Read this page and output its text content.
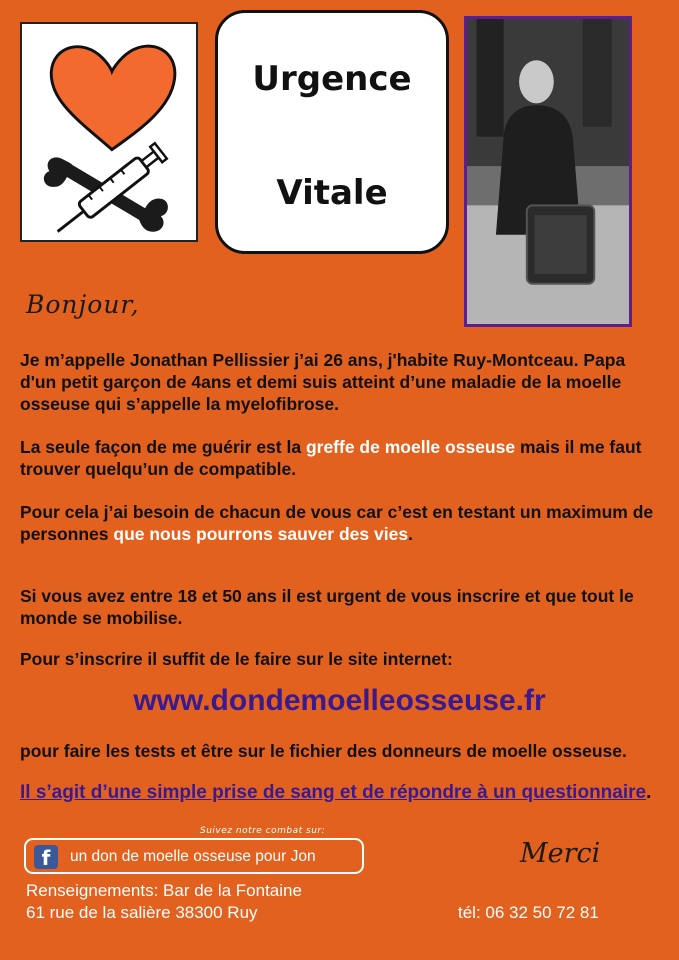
Urgence
Vitale
Bonjour,

Je m’appelle Jonathan Pellissier j’ai 26 ans, j'habite Ruy-Montceau. Papa d'un petit garçon de 4ans et demi suis atteint d’une maladie de la moelle osseuse qui s’appelle la myelofibrose.

La seule façon de me guérir est la greffe de moelle osseuse mais il me faut trouver quelqu’un de compatible.

Pour cela j’ai besoin de chacun de vous car c’est en testant un maximum de personnes que nous pourrons sauver des vies.

Si vous avez entre 18 et 50 ans il est urgent de vous inscrire et que tout le monde se mobilise.

Pour s’inscrire il suffit de le faire sur le site internet:

www.dondemoelleosseuse.fr

pour faire les tests et être sur le fichier des donneurs de moelle osseuse.

Il s’agit d’une simple prise de sang et de répondre à un questionnaire.

Suivez notre combat sur:
f	un don de moelle osseuse pour Jon	Merci
Renseignements: Bar de la Fontaine
61 rue de la salière 38300 Ruy	tél: 06 32 50 72 81
